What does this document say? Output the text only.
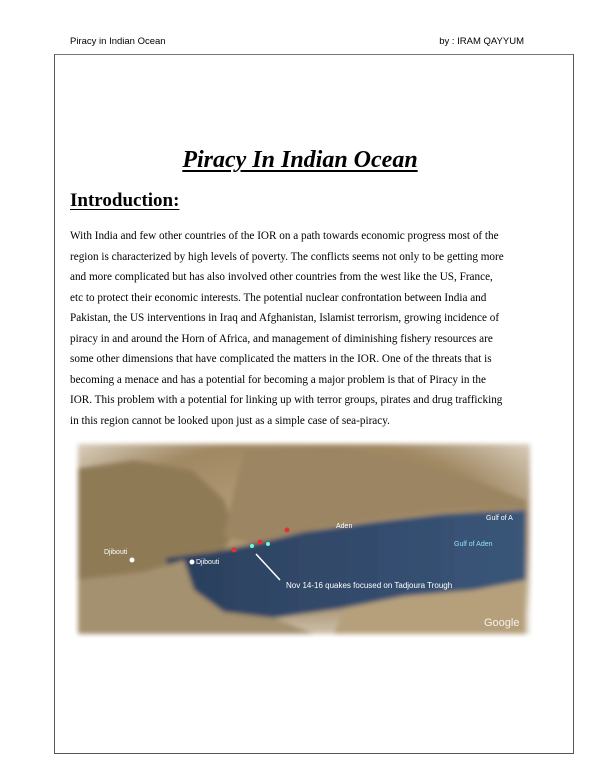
Piracy in Indian Ocean	by : IRAM QAYYUM
Piracy In Indian Ocean
Introduction:
With India and few other countries of the IOR on a path towards economic progress most of the
region is characterized by high levels of poverty. The conflicts seems not only to be getting more
and more complicated but has also involved other countries from the west like the US, France,
etc to protect their economic interests. The potential nuclear confrontation between India and
Pakistan, the US interventions in Iraq and Afghanistan, Islamist terrorism, growing incidence of
piracy in and around the Horn of Africa, and management of diminishing fishery resources are
some other dimensions that have complicated the matters in the IOR. One of the threats that is
becoming a menace and has a potential for becoming a major problem is that of Piracy in the
IOR. This problem with a potential for linking up with terror groups, pirates and drug trafficking
in this region cannot be looked upon just as a simple case of sea-piracy.
Aden
Gulf of A
Gulf of Aden
Djibouti
Djibouti
Nov 14-16 quakes focused on Tadjoura Trough
Google
